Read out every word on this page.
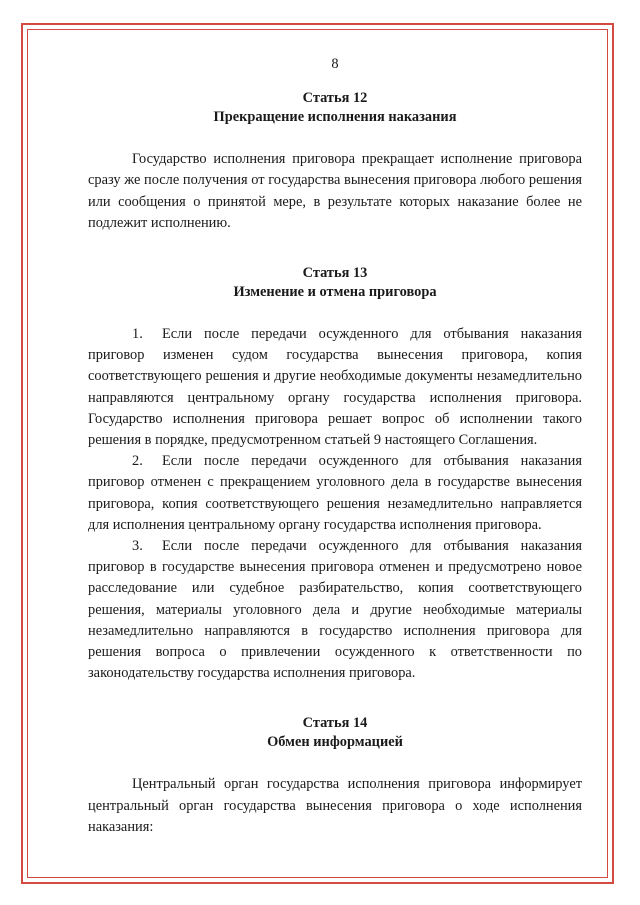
8

Статья 12

Прекращение исполнения наказания

Государство исполнения приговора прекращает исполнение приговора сразу же после получения от государства вынесения приговора любого решения или сообщения о принятой мере, в результате которых наказание более не подлежит исполнению.

Статья 13

Изменение и отмена приговора

1. Если после передачи осужденного для отбывания наказания приговор изменен судом государства вынесения приговора, копия соответствующего решения и другие необходимые документы незамедлительно направляются центральному органу государства исполнения приговора. Государство исполнения приговора решает вопрос об исполнении такого решения в порядке, предусмотренном статьей 9 настоящего Соглашения.

2. Если после передачи осужденного для отбывания наказания приговор отменен с прекращением уголовного дела в государстве вынесения приговора, копия соответствующего решения незамедлительно направляется для исполнения центральному органу государства исполнения приговора.

3. Если после передачи осужденного для отбывания наказания приговор в государстве вынесения приговора отменен и предусмотрено новое расследование или судебное разбирательство, копия соответствующего решения, материалы уголовного дела и другие необходимые материалы незамедлительно направляются в государство исполнения приговора для решения вопроса о привлечении осужденного к ответственности по законодательству государства исполнения приговора.

Статья 14

Обмен информацией

Центральный орган государства исполнения приговора информирует центральный орган государства вынесения приговора о ходе исполнения наказания:
